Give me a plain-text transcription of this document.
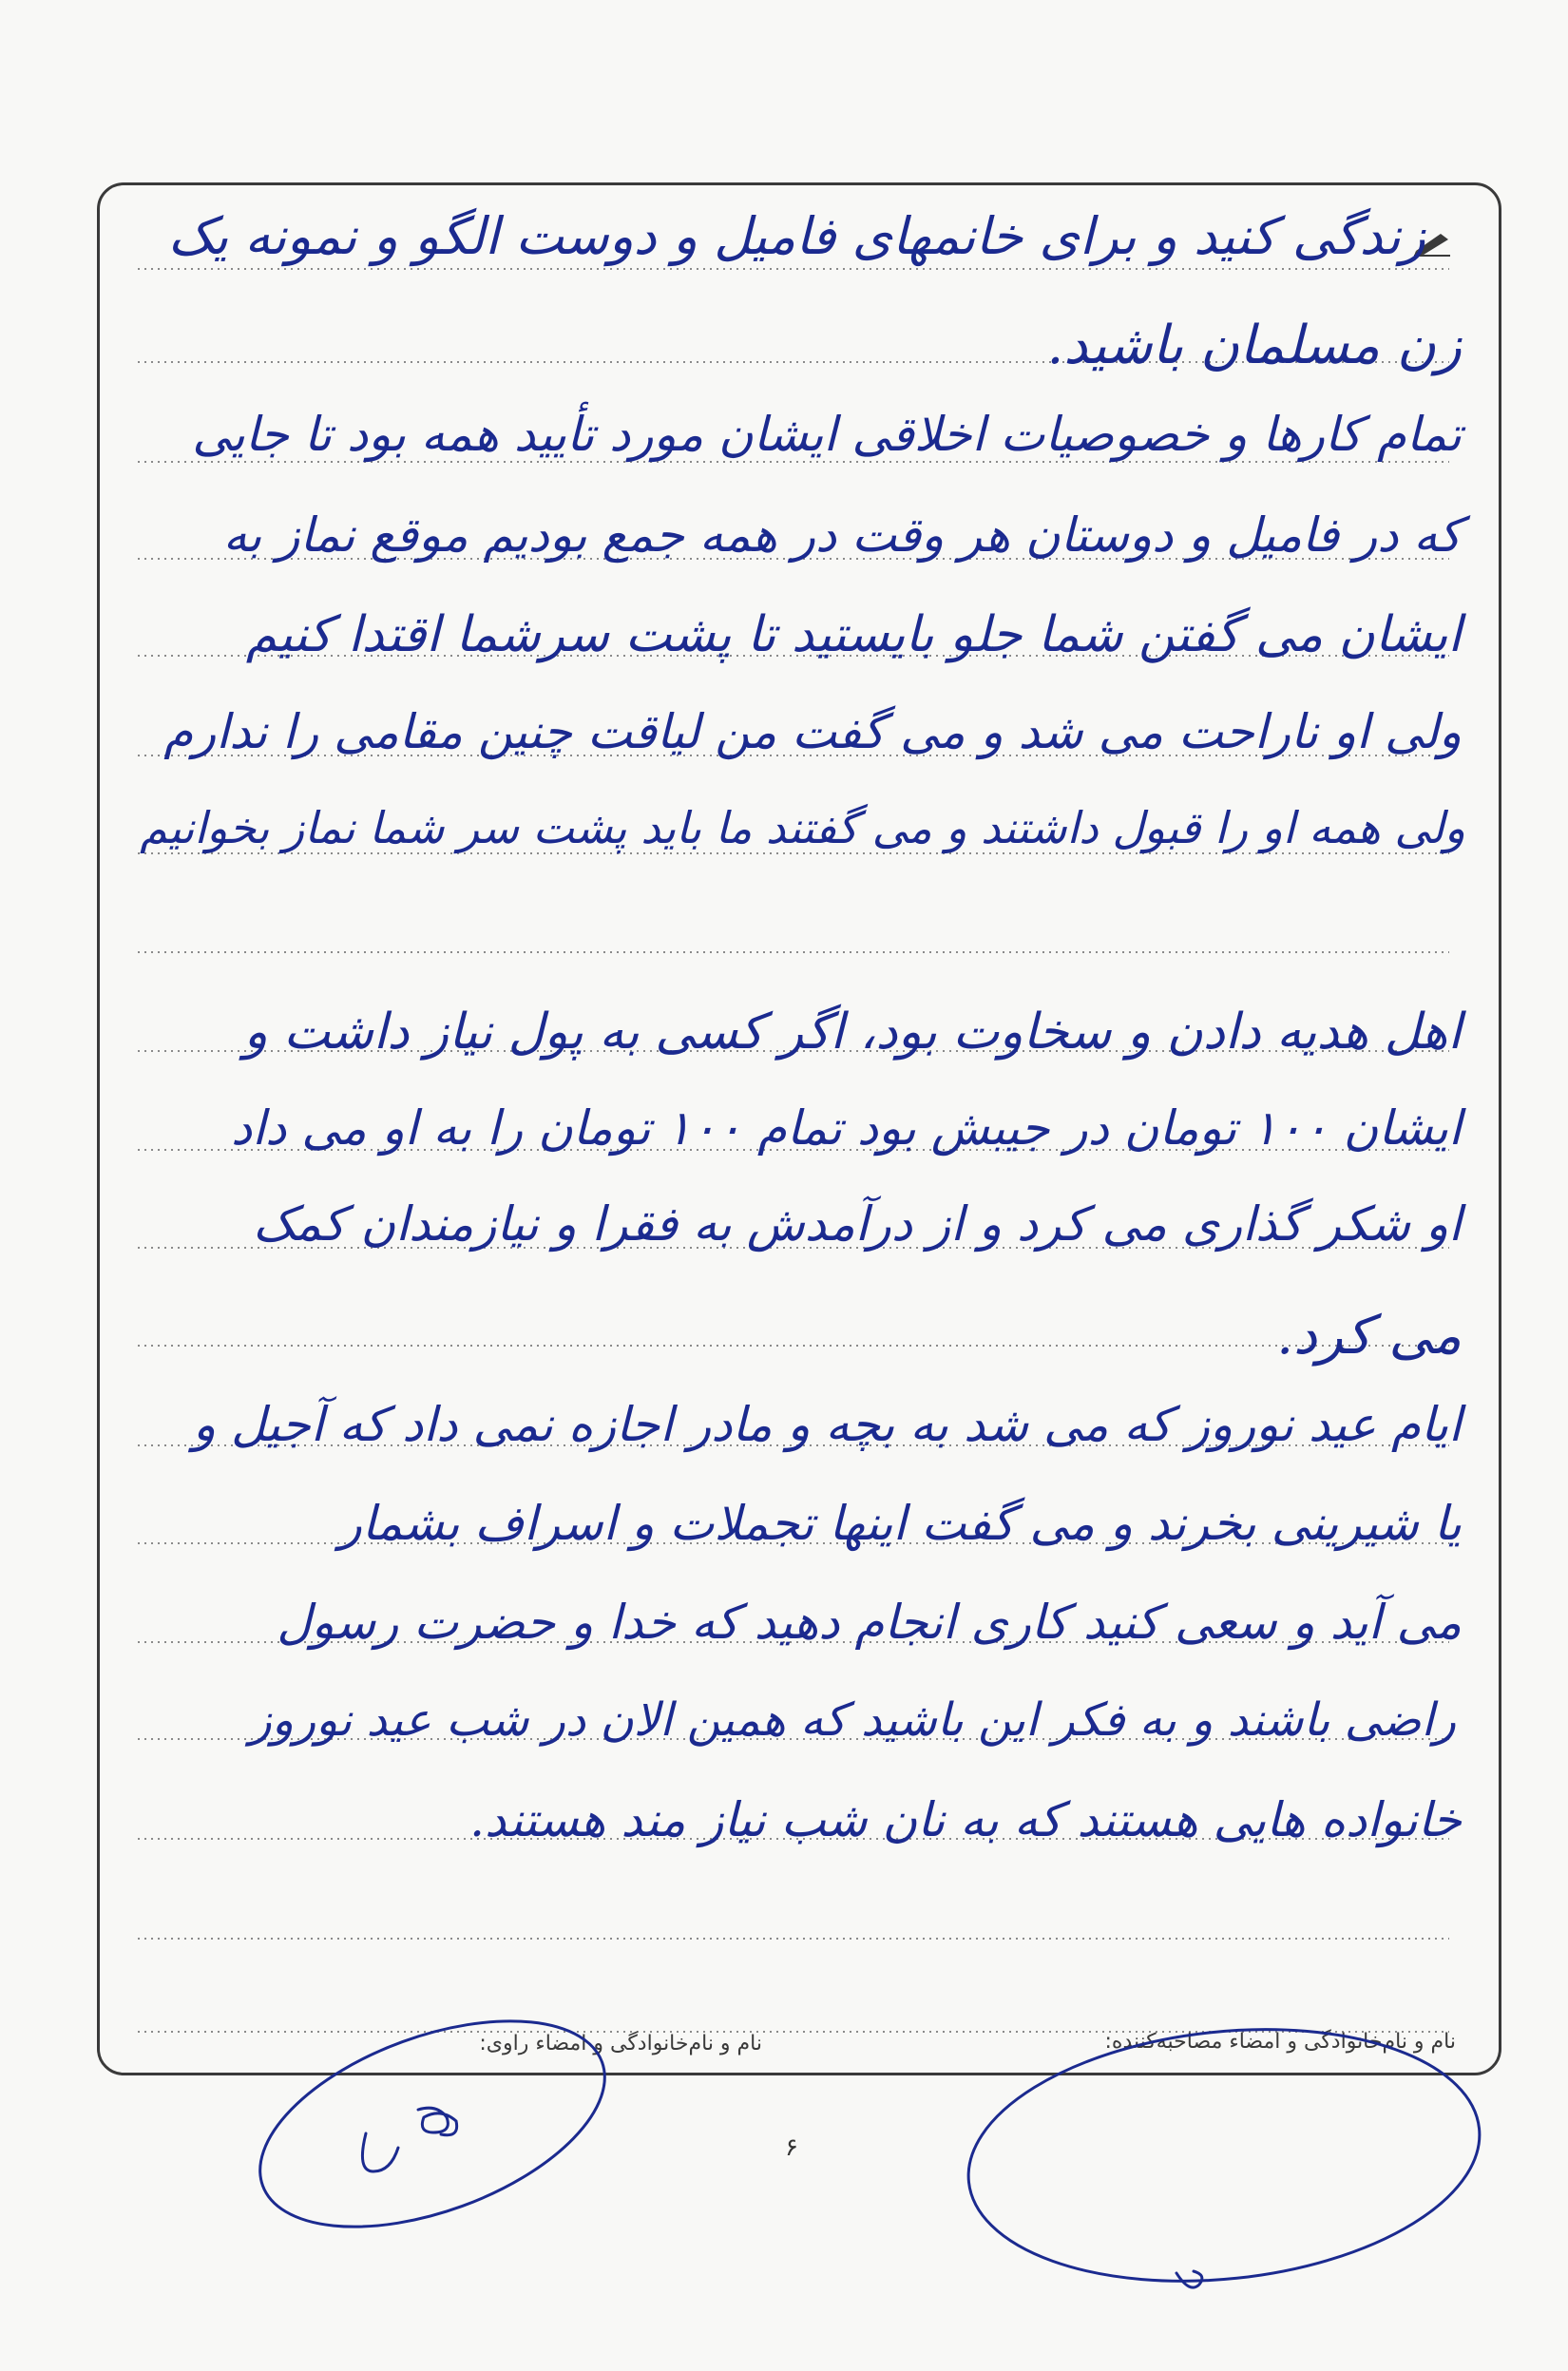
زندگی کنید و برای خانمهای فامیل و دوست الگو و نمونه یک
زن مسلمان باشید.
تمام کارها و خصوصیات اخلاقی ایشان مورد تأیید همه بود تا جایی
که در فامیل و دوستان هر وقت در همه جمع بودیم موقع نماز به
ایشان می گفتن شما جلو بایستید تا پشت سرشما اقتدا کنیم
ولی او ناراحت می شد و می گفت من لیاقت چنین مقامی را ندارم
ولی همه او را قبول داشتند و می گفتند ما باید پشت سر شما نماز بخوانیم
اهل هدیه دادن و سخاوت بود، اگر کسی به پول نیاز داشت و
ایشان ۱۰۰ تومان در جیبش بود تمام ۱۰۰ تومان را به او می داد
او شکر گذاری می کرد و از درآمدش به فقرا و نیازمندان کمک
می کرد.
ایام عید نوروز که می شد به بچه و مادر اجازه نمی داد که آجیل و
یا شیرینی بخرند و می گفت اینها تجملات و اسراف بشمار
می آید و سعی کنید کاری انجام دهید که خدا و حضرت رسول
راضی باشند و به فکر این باشید که همین الان در شب عید نوروز
خانواده هایی هستند که به نان شب نیاز مند هستند.
نام و نام‌خانوادگی و امضاء مصاحبه‌کننده:
نام و نام‌خانوادگی و امضاء راوی:
۶
